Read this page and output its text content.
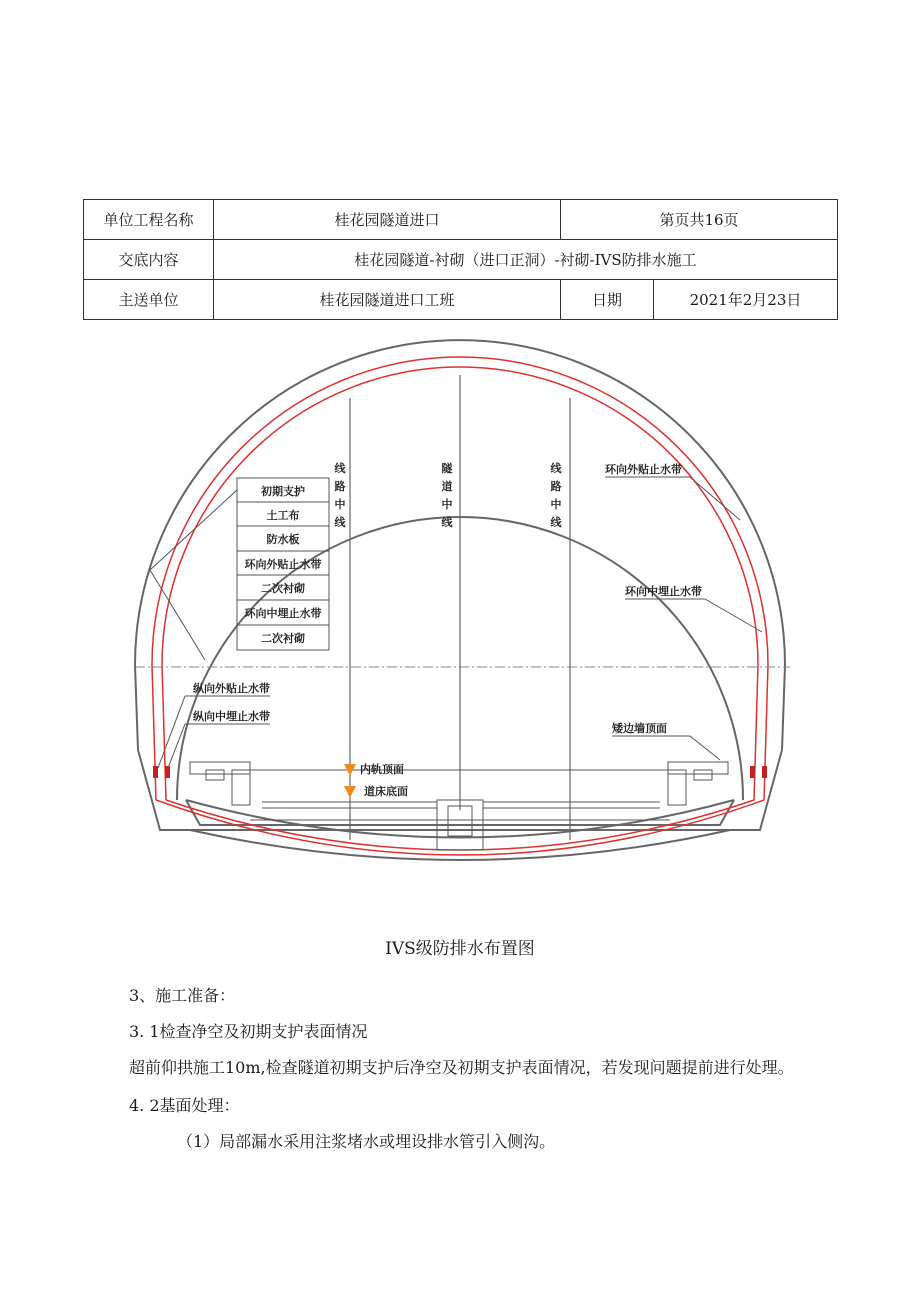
单位工程名称	桂花园隧道进口	第页共16页	
交底内容	桂花园隧道-衬砌（进口正洞）-衬砌-IVS防排水施工		
主送单位	桂花园隧道进口工班	日期	2021年2月23日
初期支护
土工布
防水板
环向外贴止水带
二次衬砌
环向中埋止水带
二次衬砌
线
路
中
线
隧
道
中
线
线
路
中
线
环向外贴止水带
环向中埋止水带
矮边墙顶面
纵向外贴止水带
纵向中埋止水带
内轨顶面
道床底面
IVS级防排水布置图
3、施工准备：
3. 1检查净空及初期支护表面情况
超前仰拱施工10m,检查隧道初期支护后净空及初期支护表面情况，若发现问题提前进行处理。
4. 2基面处理：
（1）局部漏水采用注浆堵水或埋设排水管引入侧沟。
